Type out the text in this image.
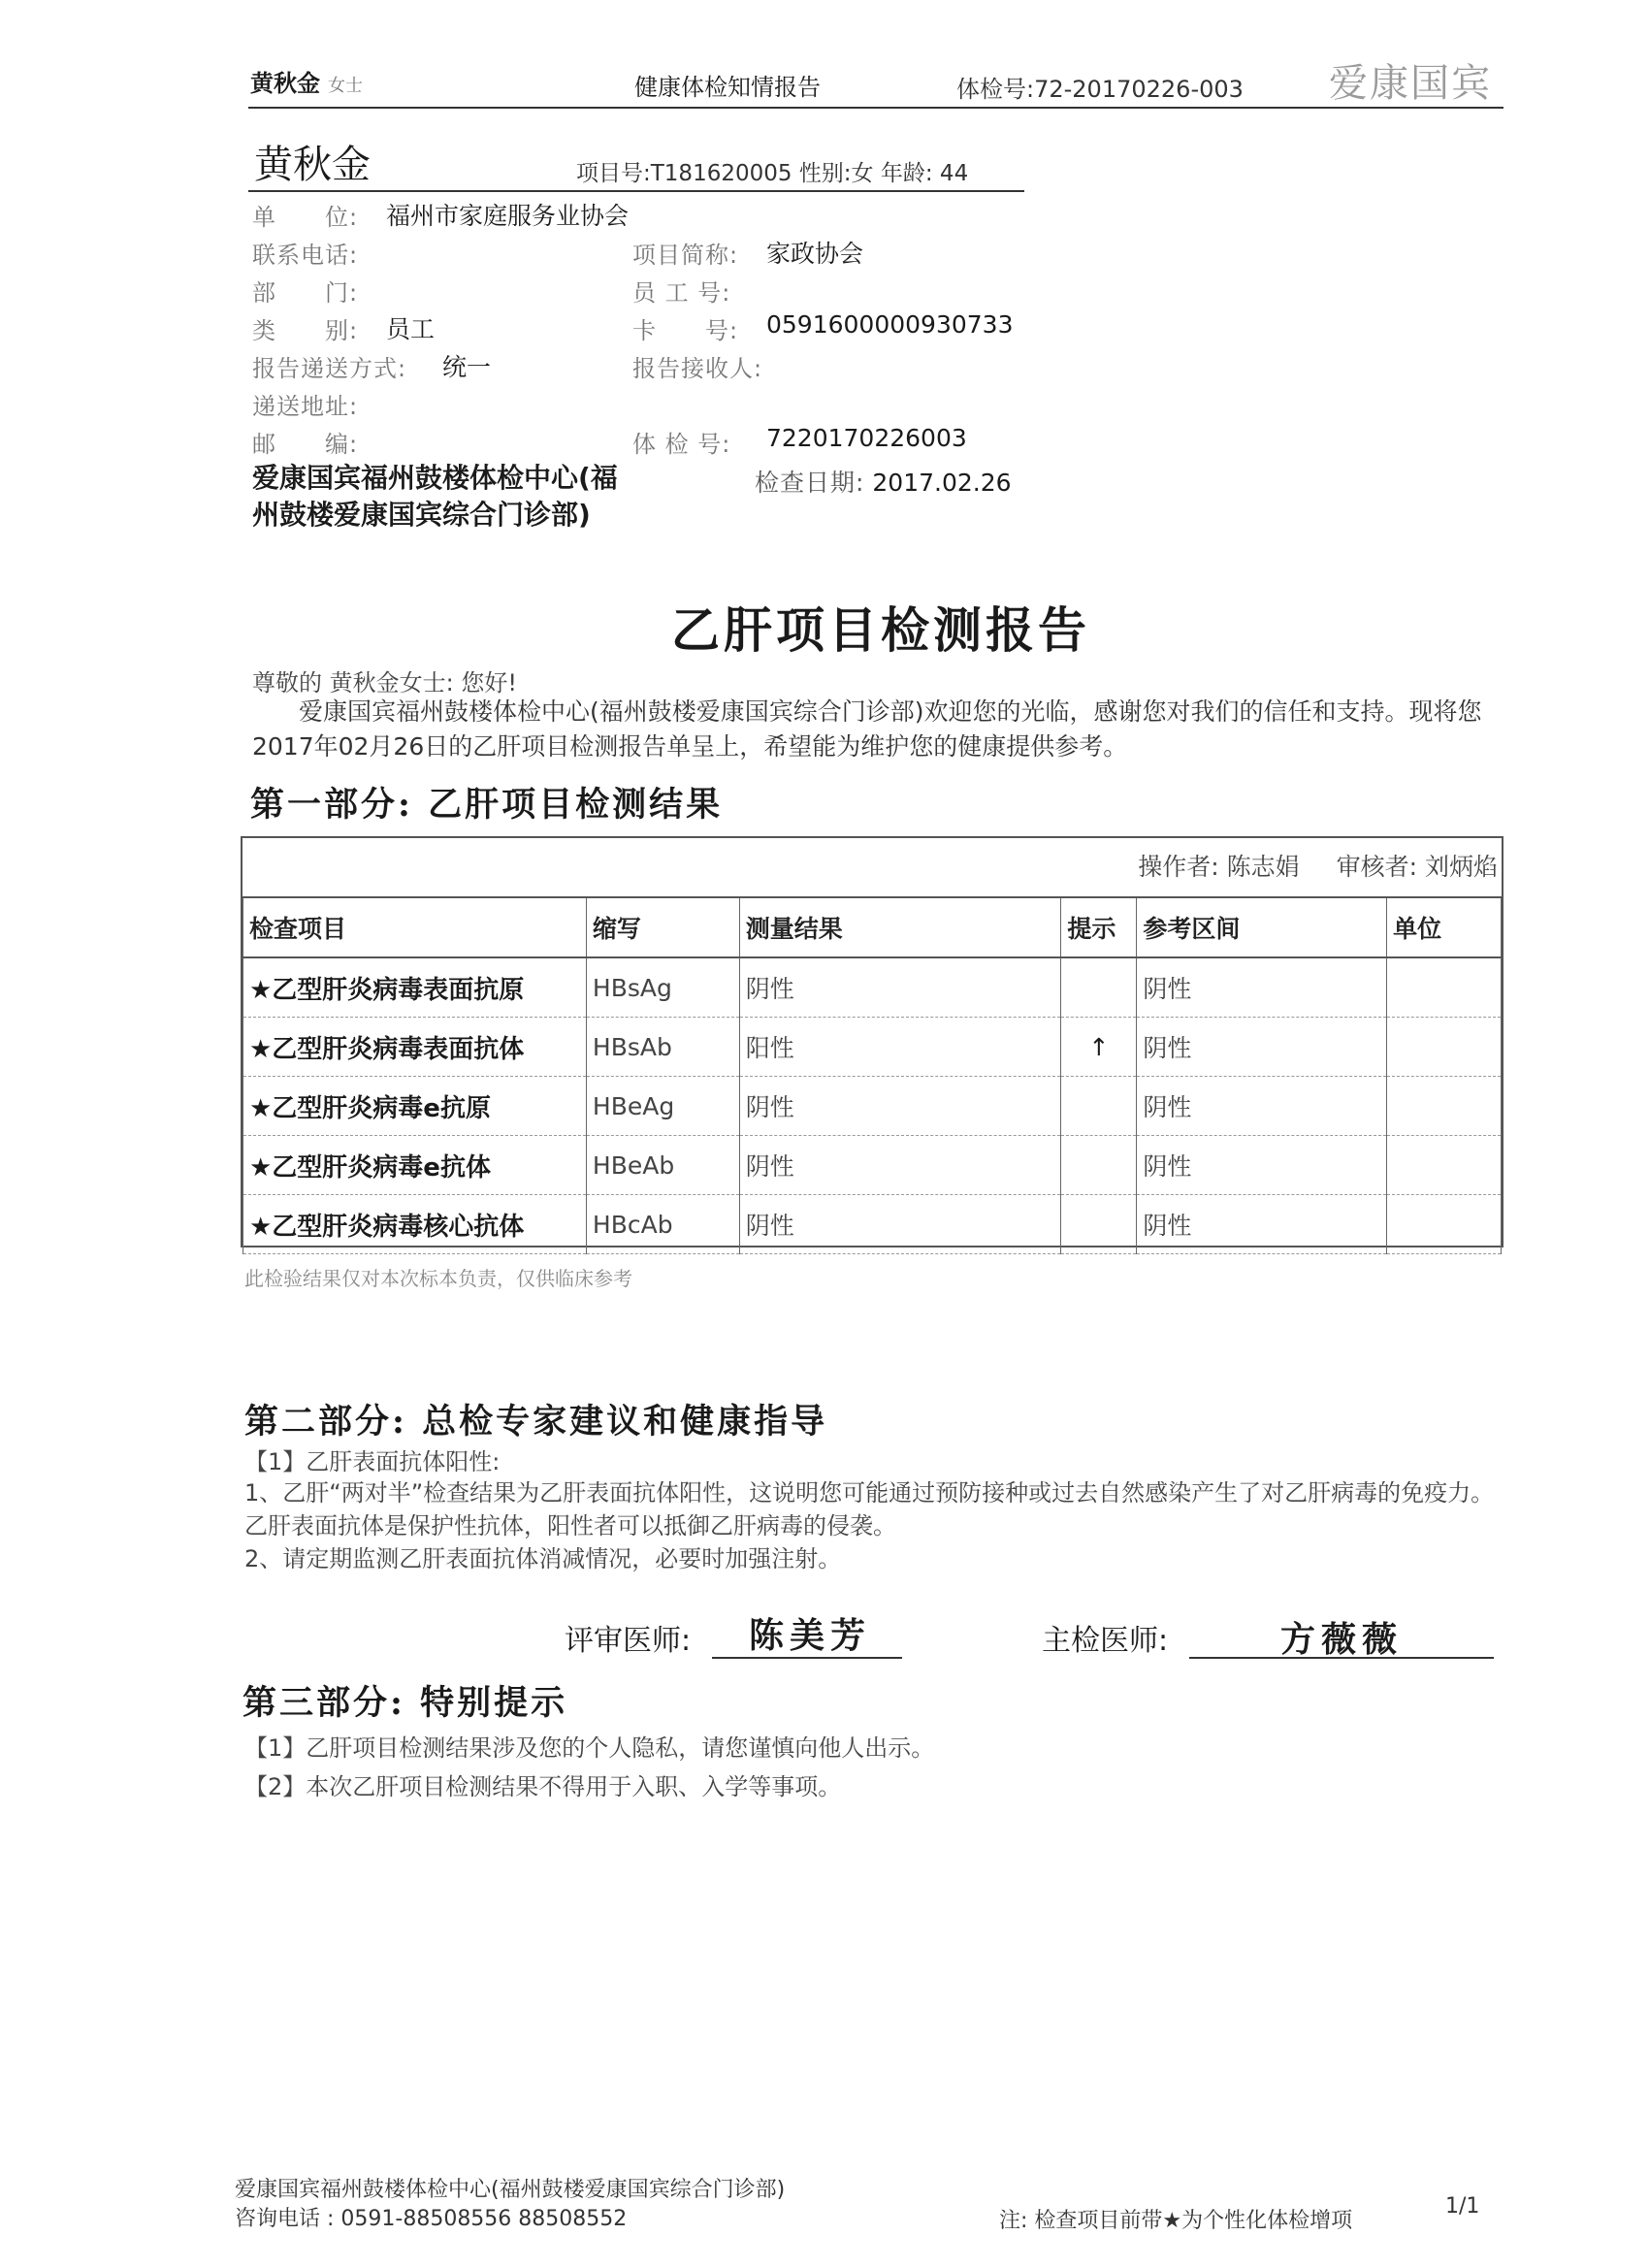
黄秋金 女士	健康体检知情报告	体检号:72-20170226-003 爱康国宾
黄秋金	项目号:T181620005 性别:女 年龄: 44
单　　位: 福州市家庭服务业协会
联系电话:
部　　门:
类　　别: 员工
报告递送方式: 统一
递送地址:
邮　　编:
项目简称: 家政协会
员 工 号:
卡　　号: 0591600000930733
报告接收人:
体 检 号: 7220170226003
爱康国宾福州鼓楼体检中心(福州鼓楼爱康国宾综合门诊部)
检查日期: 2017.02.26
乙肝项目检测报告
尊敬的 黄秋金女士: 您好!
爱康国宾福州鼓楼体检中心(福州鼓楼爱康国宾综合门诊部)欢迎您的光临，感谢您对我们的信任和支持。现将您2017年02月26日的乙肝项目检测报告单呈上，希望能为维护您的健康提供参考。
第一部分: 乙肝项目检测结果
操作者: 陈志娟 审核者: 刘炳焰
检查项目	缩写	测量结果	提示	参考区间	单位
★乙型肝炎病毒表面抗原	HBsAg	阴性		阴性	
★乙型肝炎病毒表面抗体	HBsAb	阳性	↑	阴性	
★乙型肝炎病毒e抗原	HBeAg	阴性		阴性	
★乙型肝炎病毒e抗体	HBeAb	阴性		阴性	
★乙型肝炎病毒核心抗体	HBcAb	阴性		阴性	
此检验结果仅对本次标本负责，仅供临床参考
第二部分: 总检专家建议和健康指导
【1】乙肝表面抗体阳性:
1、乙肝“两对半”检查结果为乙肝表面抗体阳性，这说明您可能通过预防接种或过去自然感染产生了对乙肝病毒的免疫力。乙肝表面抗体是保护性抗体，阳性者可以抵御乙肝病毒的侵袭。
2、请定期监测乙肝表面抗体消减情况，必要时加强注射。
评审医师: 陈美芳	主检医师:	方薇薇
第三部分: 特别提示
【1】乙肝项目检测结果涉及您的个人隐私，请您谨慎向他人出示。
【2】本次乙肝项目检测结果不得用于入职、入学等事项。
爱康国宾福州鼓楼体检中心(福州鼓楼爱康国宾综合门诊部)
咨询电话 : 0591-88508556 88508552	注: 检查项目前带★为个性化体检增项
1/1
